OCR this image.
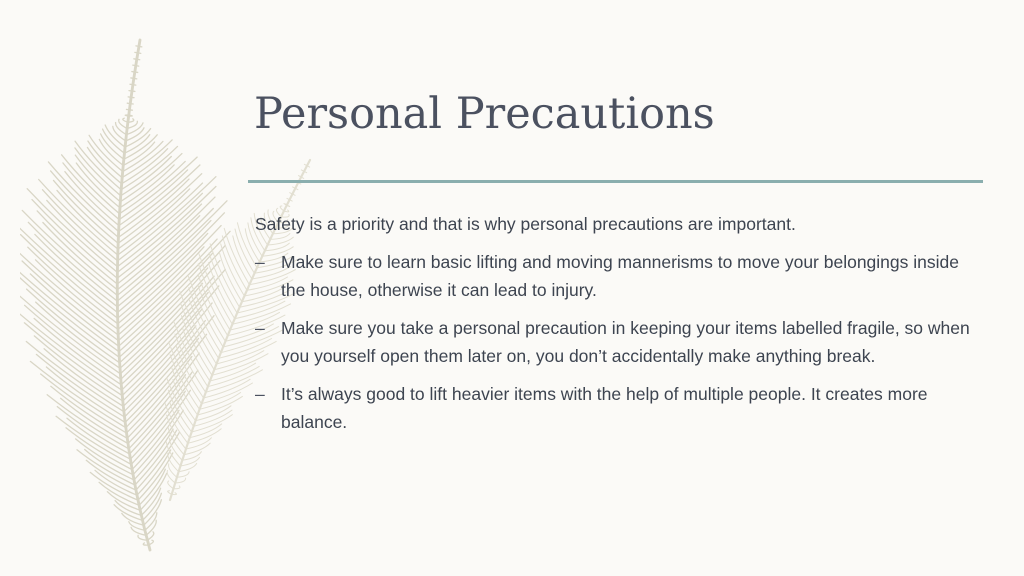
Personal Precautions

Safety is a priority and that is why personal precautions are important.

– Make sure to learn basic lifting and moving mannerisms to move your belongings inside the house, otherwise it can lead to injury.
– Make sure you take a personal precaution in keeping your items labelled fragile, so when you yourself open them later on, you don’t accidentally make anything break.
– It’s always good to lift heavier items with the help of multiple people. It creates more balance.
